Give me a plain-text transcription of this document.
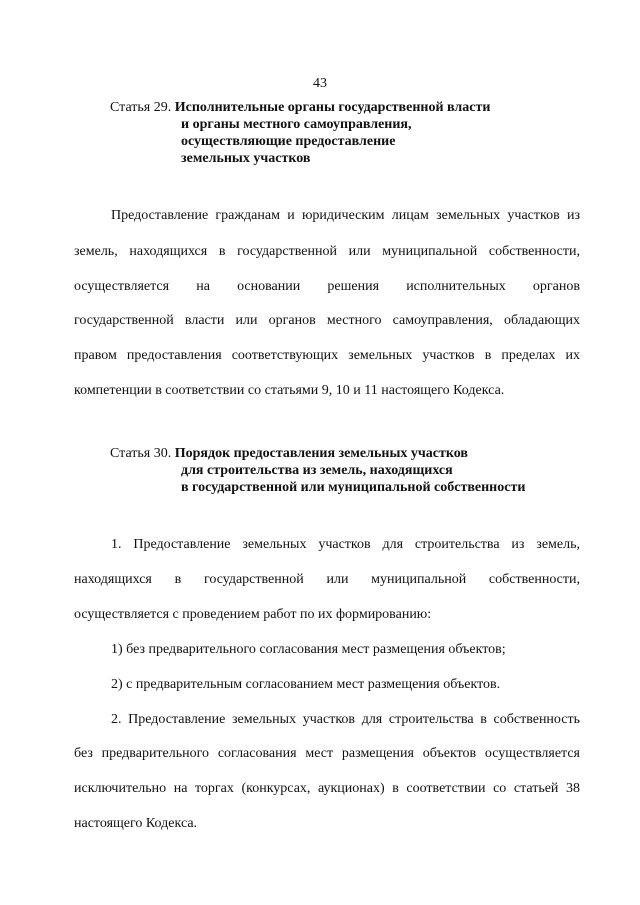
43
Статья 29. Исполнительные органы государственной власти
и органы местного самоуправления,
осуществляющие предоставление
земельных участков
Предоставление гражданам и юридическим лицам земельных участков из
земель, находящихся в государственной или муниципальной собственности,
осуществляется на основании решения исполнительных органов
государственной власти или органов местного самоуправления, обладающих
правом предоставления соответствующих земельных участков в пределах их
компетенции в соответствии со статьями 9, 10 и 11 настоящего Кодекса.
Статья 30. Порядок предоставления земельных участков
для строительства из земель, находящихся
в государственной или муниципальной собственности
1. Предоставление земельных участков для строительства из земель,
находящихся в государственной или муниципальной собственности,
осуществляется с проведением работ по их формированию:
1) без предварительного согласования мест размещения объектов;
2) с предварительным согласованием мест размещения объектов.
2. Предоставление земельных участков для строительства в собственность
без предварительного согласования мест размещения объектов осуществляется
исключительно на торгах (конкурсах, аукционах) в соответствии со статьей 38
настоящего Кодекса.
